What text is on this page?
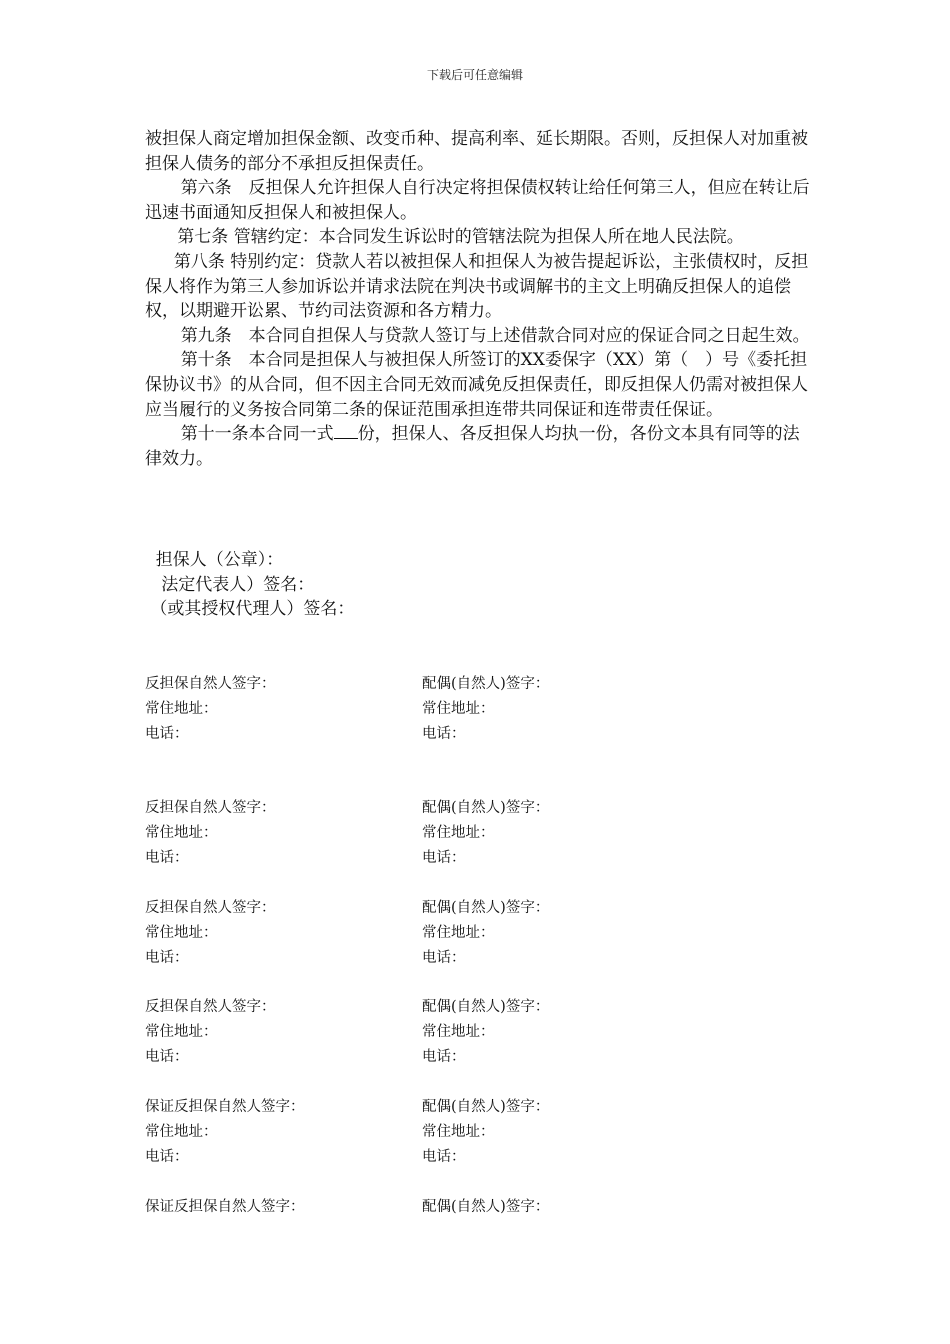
下载后可任意编辑

被担保人商定增加担保金额、改变币种、提高利率、延长期限。否则，反担保人对加重被担保人债务的部分不承担反担保责任。

第六条　反担保人允许担保人自行决定将担保债权转让给任何第三人，但应在转让后迅速书面通知反担保人和被担保人。

第七条 管辖约定：本合同发生诉讼时的管辖法院为担保人所在地人民法院。

第八条 特别约定：贷款人若以被担保人和担保人为被告提起诉讼，主张债权时，反担保人将作为第三人参加诉讼并请求法院在判决书或调解书的主文上明确反担保人的追偿权，以期避开讼累、节约司法资源和各方精力。

第九条　本合同自担保人与贷款人签订与上述借款合同对应的保证合同之日起生效。

第十条　本合同是担保人与被担保人所签订的XX委保字（XX）第（　）号《委托担保协议书》的从合同，但不因主合同无效而减免反担保责任，即反担保人仍需对被担保人应当履行的义务按合同第二条的保证范围承担连带共同保证和连带责任保证。

第十一条本合同一式 份，担保人、各反担保人均执一份，各份文本具有同等的法律效力。

担保人（公章）：
法定代表人）签名：
（或其授权代理人）签名：
反担保自然人签字：	配偶(自然人)签字：
常住地址：	常住地址：
电话：	电话：
反担保自然人签字：	配偶(自然人)签字：
常住地址：	常住地址：
电话：	电话：
反担保自然人签字：	配偶(自然人)签字：
常住地址：	常住地址：
电话：	电话：
反担保自然人签字：	配偶(自然人)签字：
常住地址：	常住地址：
电话：	电话：
保证反担保自然人签字：	配偶(自然人)签字：
常住地址：	常住地址：
电话：	电话：
保证反担保自然人签字：	配偶(自然人)签字：
